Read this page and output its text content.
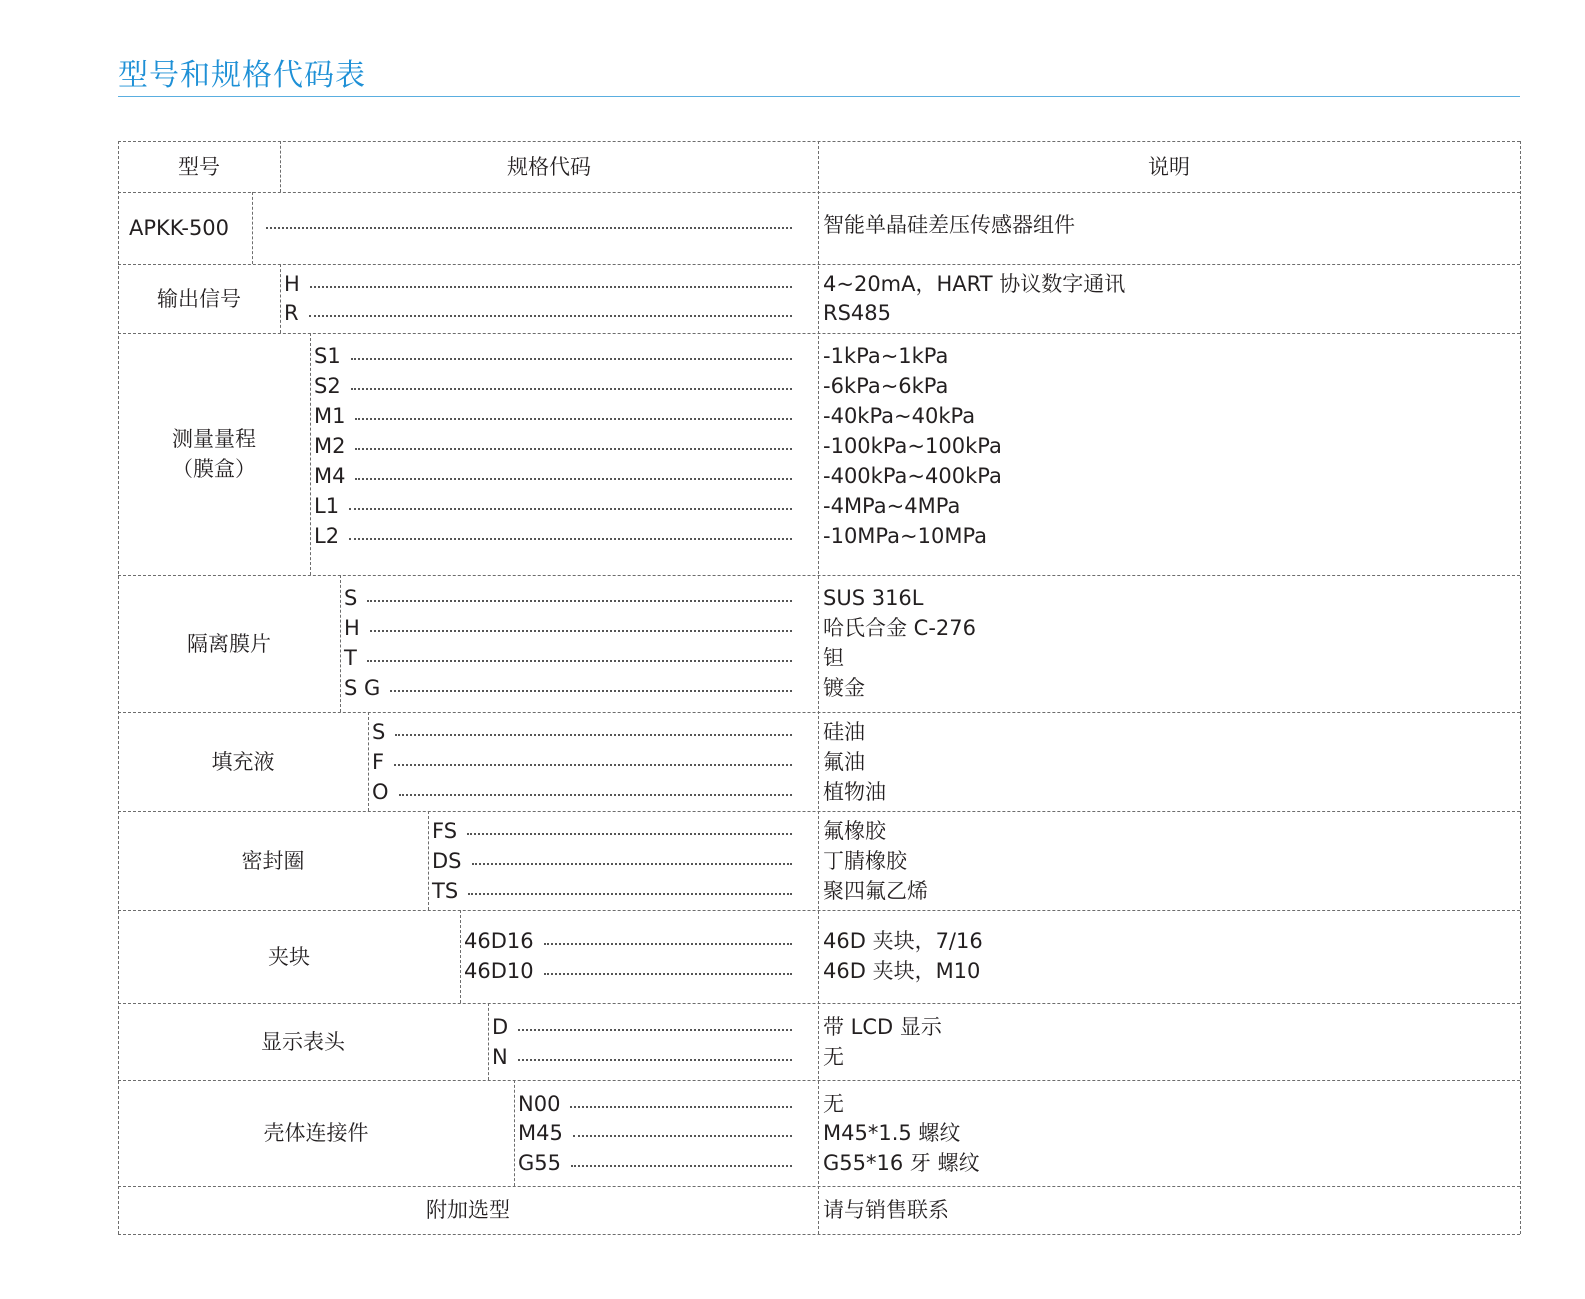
型号和规格代码表
型号	规格代码	说明
APKK-500	智能单晶硅差压传感器组件
输出信号
H	4~20mA，HART 协议数字通讯
R	RS485
测量量程
（膜盒）
S1	-1kPa~1kPa
S2	-6kPa~6kPa
M1	-40kPa~40kPa
M2	-100kPa~100kPa
M4	-400kPa~400kPa
L1	-4MPa~4MPa
L2	-10MPa~10MPa
隔离膜片
S	SUS 316L
H	哈氏合金 C-276
T	钽
S G	镀金
填充液
S	硅油
F	氟油
O	植物油
密封圈
FS	氟橡胶
DS	丁腈橡胶
TS	聚四氟乙烯
夹块
46D16	46D 夹块，7/16
46D10	46D 夹块，M10
显示表头
D	带 LCD 显示
N	无
壳体连接件
N00	无
M45	M45*1.5 螺纹
G55	G55*16 牙 螺纹
附加选型	请与销售联系
